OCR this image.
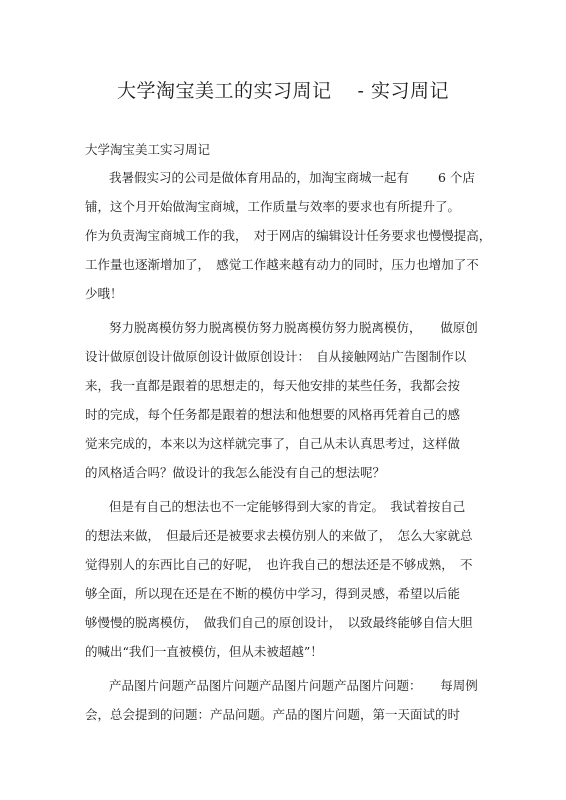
大学淘宝美工的实习周记　 - 实习周记
大学淘宝美工实习周记
我暑假实习的公司是做体育用品的，加淘宝商城一起有　　 6 个店
铺，这个月开始做淘宝商城，工作质量与效率的要求也有所提升了。
作为负责淘宝商城工作的我，　对于网店的编辑设计任务要求也慢慢提高，
工作量也逐渐增加了，　感觉工作越来越有动力的同时，压力也增加了不
少哦！
努力脱离模仿努力脱离模仿努力脱离模仿努力脱离模仿，　　做原创
设计做原创设计做原创设计做原创设计：　自从接触网站广告图制作以
来，我一直都是跟着的思想走的，每天他安排的某些任务，我都会按
时的完成，每个任务都是跟着的想法和他想要的风格再凭着自己的感
觉来完成的，本来以为这样就完事了，自己从未认真思考过，这样做
的风格适合吗？做设计的我怎么能没有自己的想法呢？
但是有自己的想法也不一定能够得到大家的肯定。　我试着按自己
的想法来做，　但最后还是被要求去模仿别人的来做了，　怎么大家就总
觉得别人的东西比自己的好呢，　也许我自己的想法还是不够成熟，　不
够全面，所以现在还是在不断的模仿中学习，得到灵感，希望以后能
够慢慢的脱离模仿，　做我们自己的原创设计，　以致最终能够自信大胆
的喊出“我们一直被模仿，但从未被超越”！
产品图片问题产品图片问题产品图片问题产品图片问题：　　每周例
会，总会提到的问题：产品问题。产品的图片问题，第一天面试的时
